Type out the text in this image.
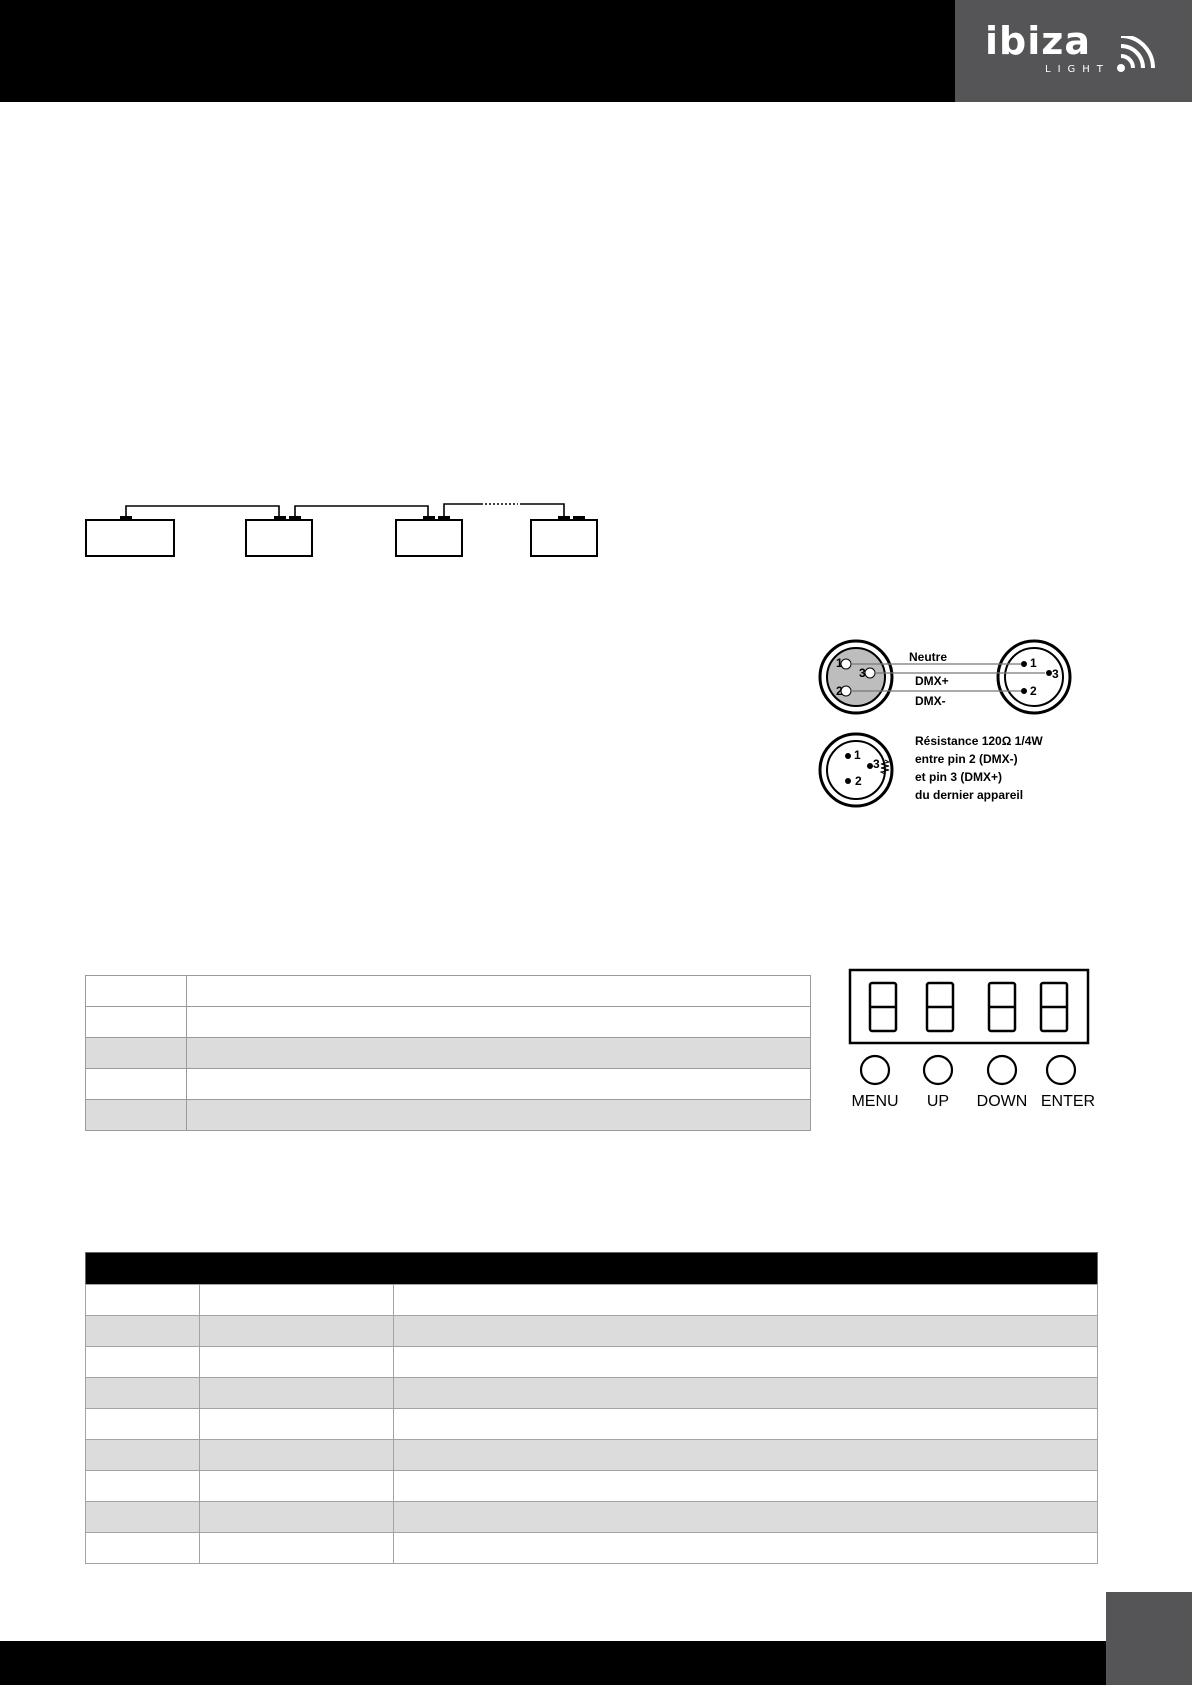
ibiza
LIGHT
1
3
2
1
3
2
1
3
2
Neutre
DMX+
DMX-
Résistance 120Ω 1/4W
entre pin 2 (DMX-)
et pin 3 (DMX+)
du dernier appareil

MENU UP DOWN ENTER
